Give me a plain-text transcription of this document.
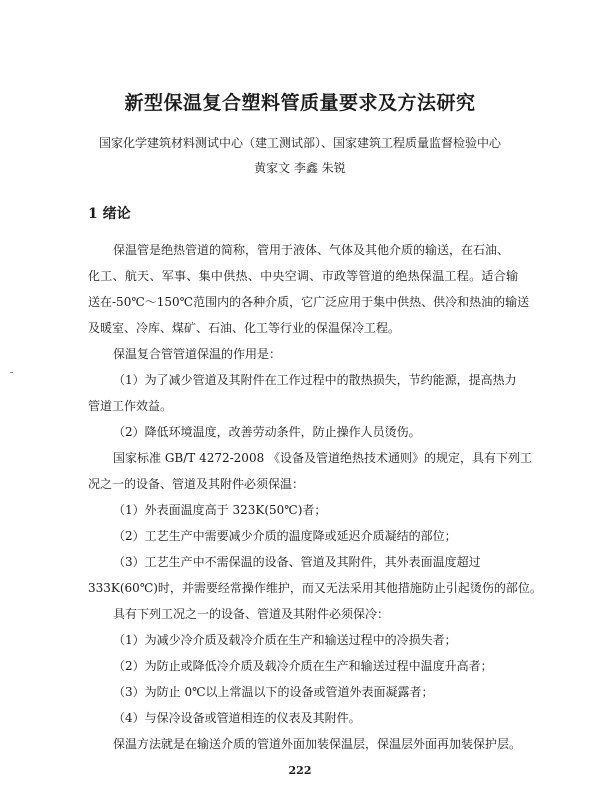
新型保温复合塑料管质量要求及方法研究
国家化学建筑材料测试中心（建工测试部）、国家建筑工程质量监督检验中心
黄家文 李鑫 朱锐
1 绪论
保温管是绝热管道的简称，管用于液体、气体及其他介质的输送，在石油、
化工、航天、军事、集中供热、中央空调、市政等管道的绝热保温工程。适合输
送在-50℃～150℃范围内的各种介质，它广泛应用于集中供热、供冷和热油的输送
及暖室、冷库、煤矿、石油、化工等行业的保温保冷工程。
保温复合管管道保温的作用是：
（1）为了减少管道及其附件在工作过程中的散热损失，节约能源，提高热力
管道工作效益。
（2）降低环境温度，改善劳动条件，防止操作人员烫伤。
国家标准 GB/T 4272-2008 《设备及管道绝热技术通则》的规定，具有下列工
况之一的设备、管道及其附件必须保温：
（1）外表面温度高于 323K(50℃)者；
（2）工艺生产中需要减少介质的温度降或延迟介质凝结的部位；
（3）工艺生产中不需保温的设备、管道及其附件，其外表面温度超过
333K(60℃)时，并需要经常操作维护，而又无法采用其他措施防止引起烫伤的部位。
具有下列工况之一的设备、管道及其附件必须保冷：
（1）为减少冷介质及载冷介质在生产和输送过程中的冷损失者；
（2）为防止或降低冷介质及载冷介质在生产和输送过程中温度升高者；
（3）为防止 0℃以上常温以下的设备或管道外表面凝露者；
（4）与保冷设备或管道相连的仪表及其附件。
保温方法就是在输送介质的管道外面加装保温层，保温层外面再加装保护层。
222
